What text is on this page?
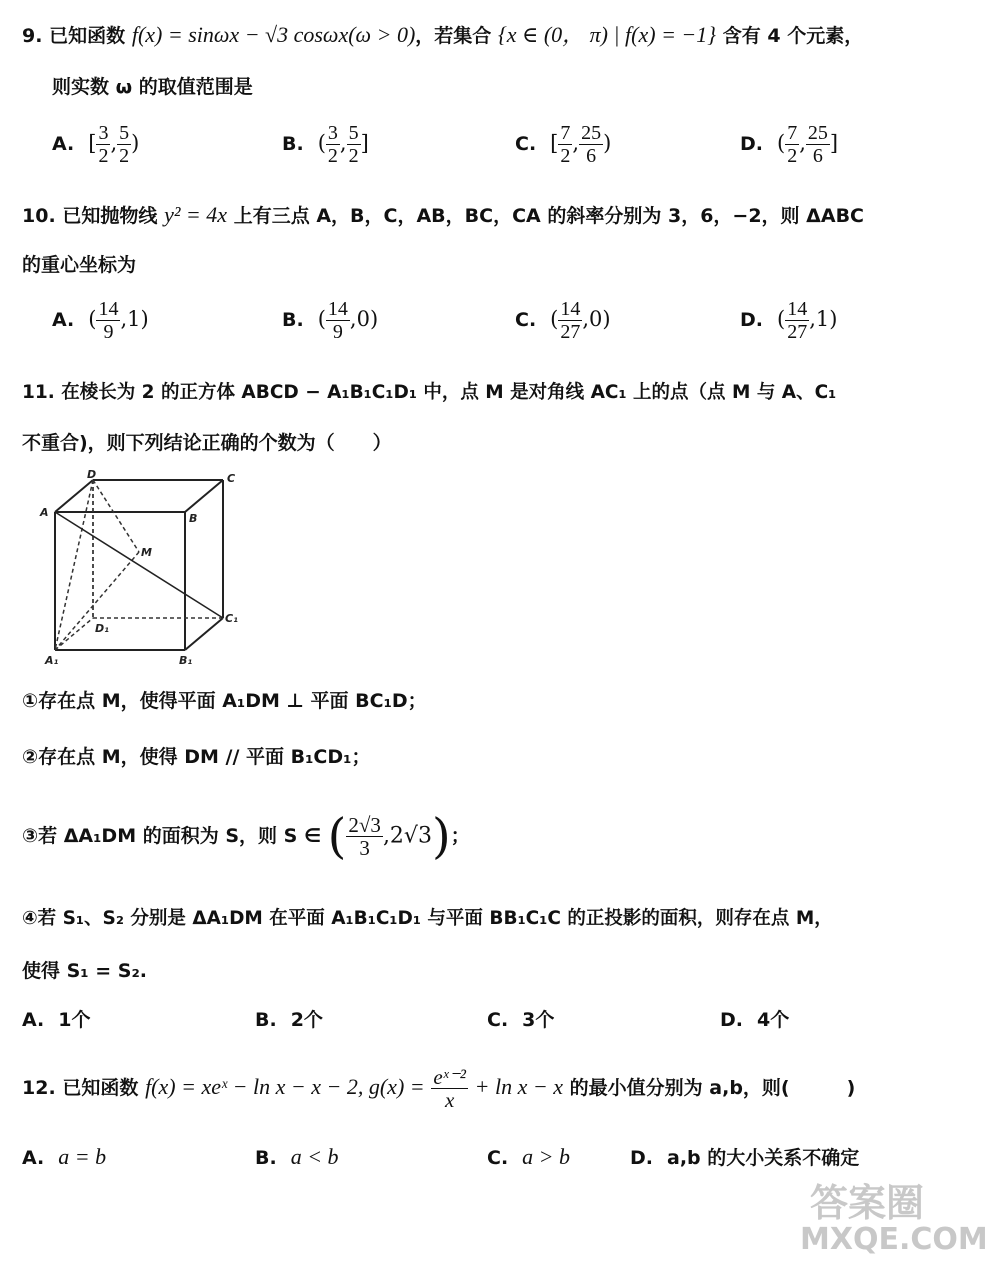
9. 已知函数 f(x) = sinωx − √3 cosωx(ω > 0)，若集合 {x ∈ (0， π) | f(x) = −1} 含有 4 个元素，
则实数 ω 的取值范围是
A. [ $\frac{3}{2}$ , $\frac{5}{2}$ )	B. ( $\frac{3}{2}$ , $\frac{5}{2}$ ]	C. [ $\frac{7}{2}$ , $\frac{25}{6}$ )	D. ( $\frac{7}{2}$ , $\frac{25}{6}$ ]
10. 已知抛物线 y² = 4x 上有三点 A，B，C，AB，BC，CA 的斜率分别为 3，6，−2，则 ΔABC
的重心坐标为
A. ( $\frac{14}{9} ,1$)	B. ( $\frac{14}{9} ,0$)	C. ( $\frac{14}{27} ,0$)	D. ( $\frac{14}{27} ,1$)
11. 在棱长为 2 的正方体 ABCD − A₁B₁C₁D₁ 中，点 M 是对角线 AC₁ 上的点（点 M 与 A、C₁
不重合)，则下列结论正确的个数为（　　）
D	C
A	B
M
C₁
D₁
A₁	B₁
①存在点 M，使得平面 A₁DM ⊥ 平面 BC₁D；
②存在点 M，使得 DM // 平面 B₁CD₁；
③若 ΔA₁DM 的面积为 S，则 S ∈ ( $\frac{2√3}{3} ,2√3$)；
④若 S₁、S₂ 分别是 ΔA₁DM 在平面 A₁B₁C₁D₁ 与平面 BB₁C₁C 的正投影的面积，则存在点 M，
使得 S₁ = S₂.
A. 1个	B. 2个	C. 3个	D. 4个
12. 已知函数 f(x) = xeˣ − ln x − x − 2, $g(x) = \frac{\text{eˣ⁻²}}{x} + \ln x - x$ 的最小值分别为 a,b，则(　　　)
A. a = b	B. a < b	C. a > b	D. a,b 的大小关系不确定
答案圈
MXQE.COM
